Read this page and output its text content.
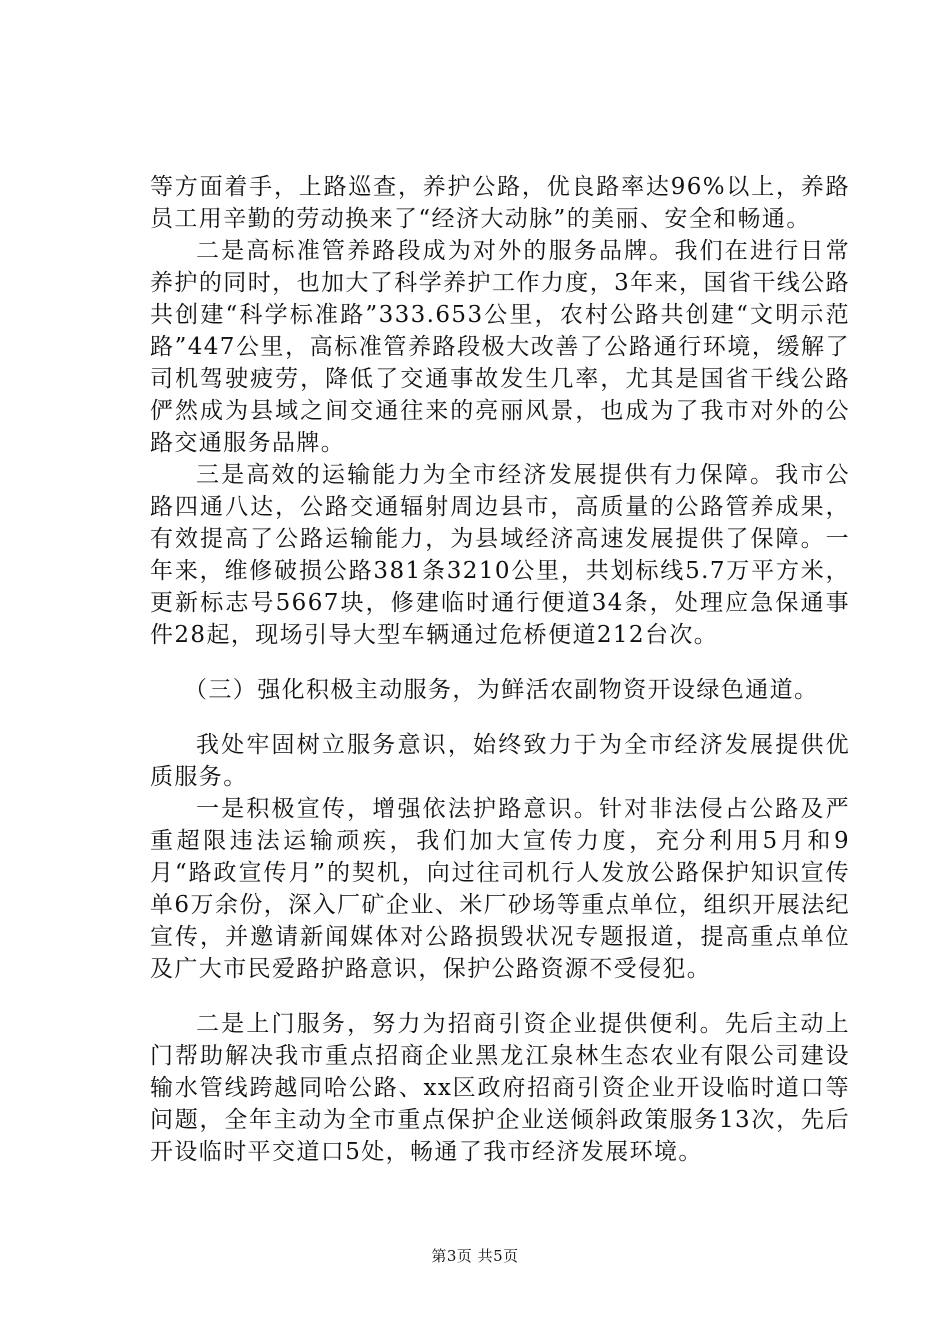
等方面着手，上路巡查，养护公路，优良路率达96%以上，养路员工用辛勤的劳动换来了“经济大动脉”的美丽、安全和畅通。

二是高标准管养路段成为对外的服务品牌。我们在进行日常养护的同时，也加大了科学养护工作力度，3年来，国省干线公路共创建“科学标准路”333.653公里，农村公路共创建“文明示范路”447公里，高标准管养路段极大改善了公路通行环境，缓解了司机驾驶疲劳，降低了交通事故发生几率，尤其是国省干线公路俨然成为县域之间交通往来的亮丽风景，也成为了我市对外的公路交通服务品牌。

三是高效的运输能力为全市经济发展提供有力保障。我市公路四通八达，公路交通辐射周边县市，高质量的公路管养成果，有效提高了公路运输能力，为县域经济高速发展提供了保障。一年来，维修破损公路381条3210公里，共划标线5.7万平方米，更新标志号5667块，修建临时通行便道34条，处理应急保通事件28起，现场引导大型车辆通过危桥便道212台次。

（三）强化积极主动服务，为鲜活农副物资开设绿色通道。

我处牢固树立服务意识，始终致力于为全市经济发展提供优质服务。

一是积极宣传，增强依法护路意识。针对非法侵占公路及严重超限违法运输顽疾，我们加大宣传力度，充分利用5月和9月“路政宣传月”的契机，向过往司机行人发放公路保护知识宣传单6万余份，深入厂矿企业、米厂砂场等重点单位，组织开展法纪宣传，并邀请新闻媒体对公路损毁状况专题报道，提高重点单位及广大市民爱路护路意识，保护公路资源不受侵犯。

二是上门服务，努力为招商引资企业提供便利。先后主动上门帮助解决我市重点招商企业黑龙江泉林生态农业有限公司建设输水管线跨越同哈公路、xx区政府招商引资企业开设临时道口等问题，全年主动为全市重点保护企业送倾斜政策服务13次，先后开设临时平交道口5处，畅通了我市经济发展环境。

第3页 共5页
